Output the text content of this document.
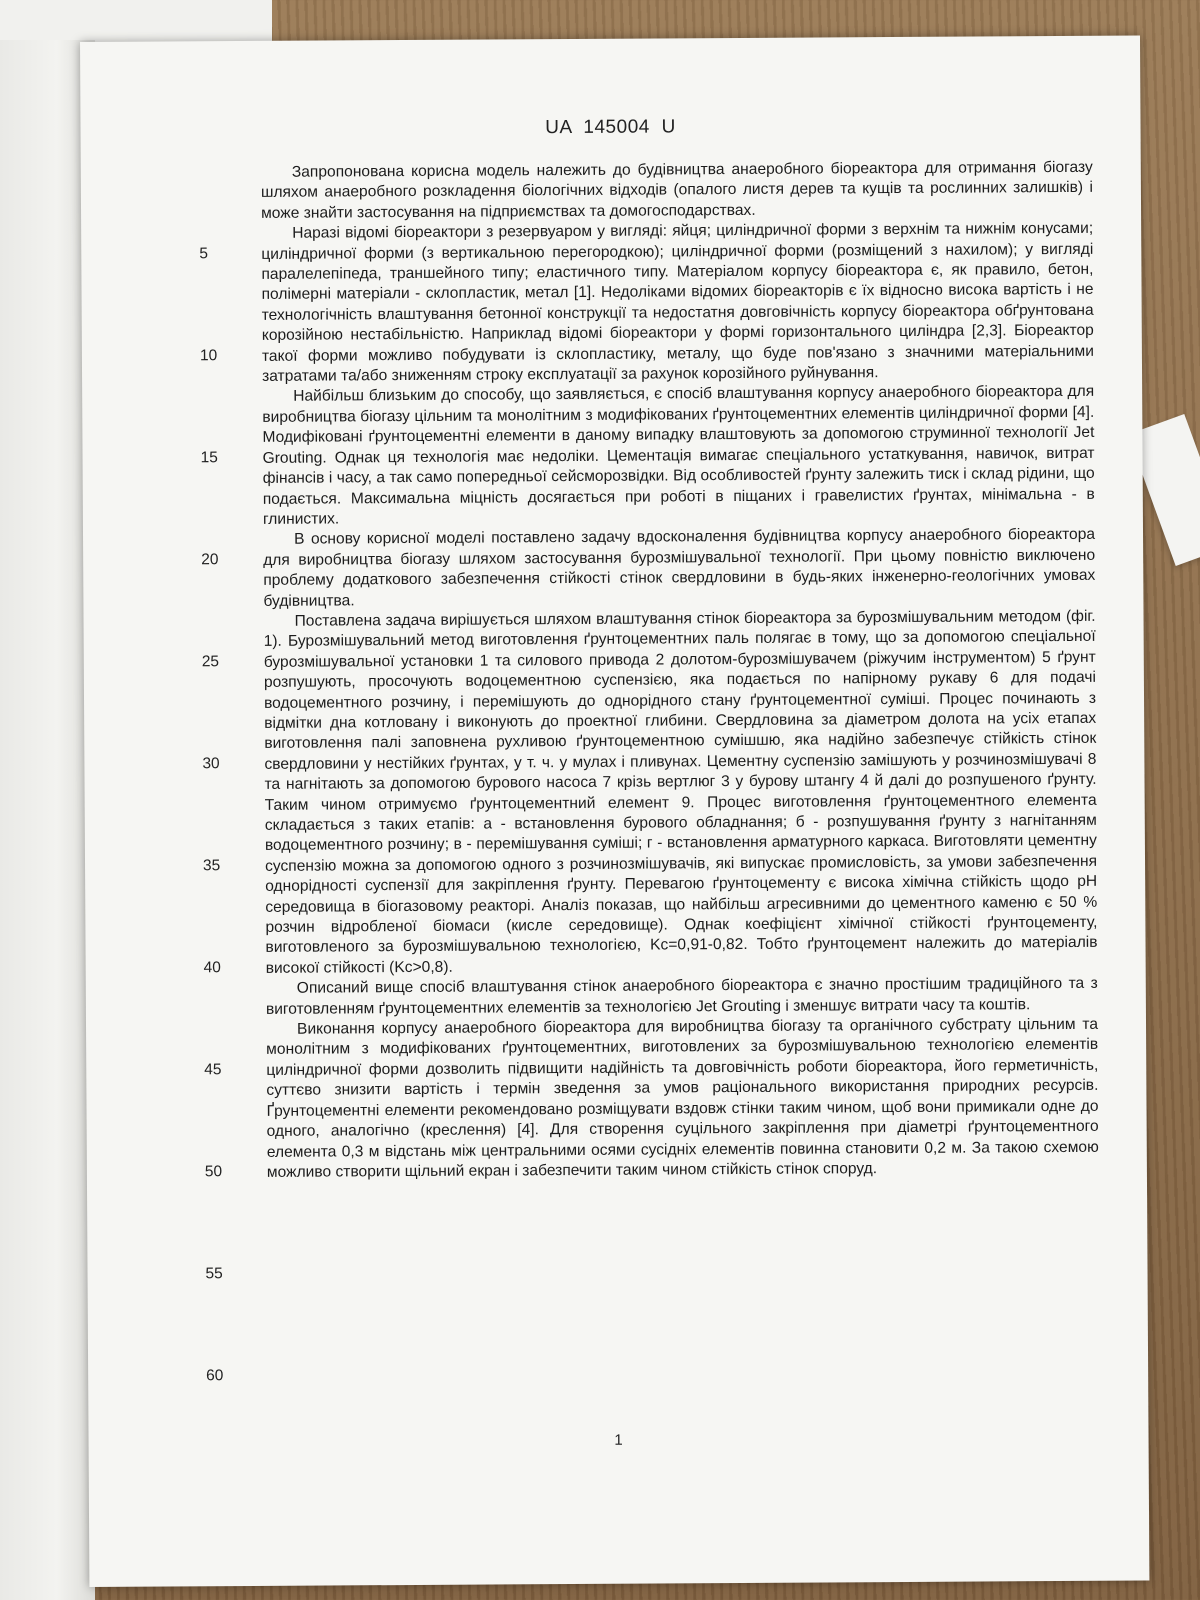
UA 145004 U
5
10
15
20
25
30
35
40
45
50
55
60

Запропонована корисна модель належить до будівництва анаеробного біореактора для отримання біогазу шляхом анаеробного розкладення біологічних відходів (опалого листя дерев та кущів та рослинних залишків) і може знайти застосування на підприємствах та домогосподарствах.

Наразі відомі біореактори з резервуаром у вигляді: яйця; циліндричної форми з верхнім та нижнім конусами; циліндричної форми (з вертикальною перегородкою); циліндричної форми (розміщений з нахилом); у вигляді паралелепіпеда, траншейного типу; еластичного типу. Матеріалом корпусу біореактора є, як правило, бетон, полімерні матеріали - склопластик, метал [1]. Недоліками відомих біореакторів є їх відносно висока вартість і не технологічність влаштування бетонної конструкції та недостатня довговічність корпусу біореактора обґрунтована корозійною нестабільністю. Наприклад відомі біореактори у формі горизонтального циліндра [2,3]. Біореактор такої форми можливо побудувати із склопластику, металу, що буде пов'язано з значними матеріальними затратами та/або зниженням строку експлуатації за рахунок корозійного руйнування.

Найбільш близьким до способу, що заявляється, є спосіб влаштування корпусу анаеробного біореактора для виробництва біогазу цільним та монолітним з модифікованих ґрунтоцементних елементів циліндричної форми [4]. Модифіковані ґрунтоцементні елементи в даному випадку влаштовують за допомогою струминної технології Jet Grouting. Однак ця технологія має недоліки. Цементація вимагає спеціального устаткування, навичок, витрат фінансів і часу, а так само попередньої сейсморозвідки. Від особливостей ґрунту залежить тиск і склад рідини, що подається. Максимальна міцність досягається при роботі в піщаних і гравелистих ґрунтах, мінімальна - в глинистих.

В основу корисної моделі поставлено задачу вдосконалення будівництва корпусу анаеробного біореактора для виробництва біогазу шляхом застосування бурозмішувальної технології. При цьому повністю виключено проблему додаткового забезпечення стійкості стінок свердловини в будь-яких інженерно-геологічних умовах будівництва.

Поставлена задача вирішується шляхом влаштування стінок біореактора за бурозмішувальним методом (фіг. 1). Бурозмішувальний метод виготовлення ґрунтоцементних паль полягає в тому, що за допомогою спеціальної бурозмішувальної установки 1 та силового привода 2 долотом-бурозмішувачем (ріжучим інструментом) 5 ґрунт розпушують, просочують водоцементною суспензією, яка подається по напірному рукаву 6 для подачі водоцементного розчину, і перемішують до однорідного стану ґрунтоцементної суміші. Процес починають з відмітки дна котловану і виконують до проектної глибини. Свердловина за діаметром долота на усіх етапах виготовлення палі заповнена рухливою ґрунтоцементною сумішшю, яка надійно забезпечує стійкість стінок свердловини у нестійких ґрунтах, у т. ч. у мулах і пливунах. Цементну суспензію замішують у розчинозмішувачі 8 та нагнітають за допомогою бурового насоса 7 крізь вертлюг 3 у бурову штангу 4 й далі до розпушеного ґрунту. Таким чином отримуємо ґрунтоцементний елемент 9. Процес виготовлення ґрунтоцементного елемента складається з таких етапів: а - встановлення бурового обладнання; б - розпушування ґрунту з нагнітанням водоцементного розчину; в - перемішування суміші; г - встановлення арматурного каркаса. Виготовляти цементну суспензію можна за допомогою одного з розчинозмішувачів, які випускає промисловість, за умови забезпечення однорідності суспензії для закріплення ґрунту. Перевагою ґрунтоцементу є висока хімічна стійкість щодо pH середовища в біогазовому реакторі. Аналіз показав, що найбільш агресивними до цементного каменю є 50 % розчин відробленої біомаси (кисле середовище). Однак коефіцієнт хімічної стійкості ґрунтоцементу, виготовленого за бурозмішувальною технологією, Kc=0,91-0,82. Тобто ґрунтоцемент належить до матеріалів високої стійкості (Kc>0,8).

Описаний вище спосіб влаштування стінок анаеробного біореактора є значно простішим традиційного та з виготовленням ґрунтоцементних елементів за технологією Jet Grouting і зменшує витрати часу та коштів.

Виконання корпусу анаеробного біореактора для виробництва біогазу та органічного субстрату цільним та монолітним з модифікованих ґрунтоцементних, виготовлених за бурозмішувальною технологією елементів циліндричної форми дозволить підвищити надійність та довговічність роботи біореактора, його герметичність, суттєво знизити вартість і термін зведення за умов раціонального використання природних ресурсів. Ґрунтоцементні елементи рекомендовано розміщувати вздовж стінки таким чином, щоб вони примикали одне до одного, аналогічно (креслення) [4]. Для створення суцільного закріплення при діаметрі ґрунтоцементного елемента 0,3 м відстань між центральними осями сусідніх елементів повинна становити 0,2 м. За такою схемою можливо створити щільний екран і забезпечити таким чином стійкість стінок споруд.

1
